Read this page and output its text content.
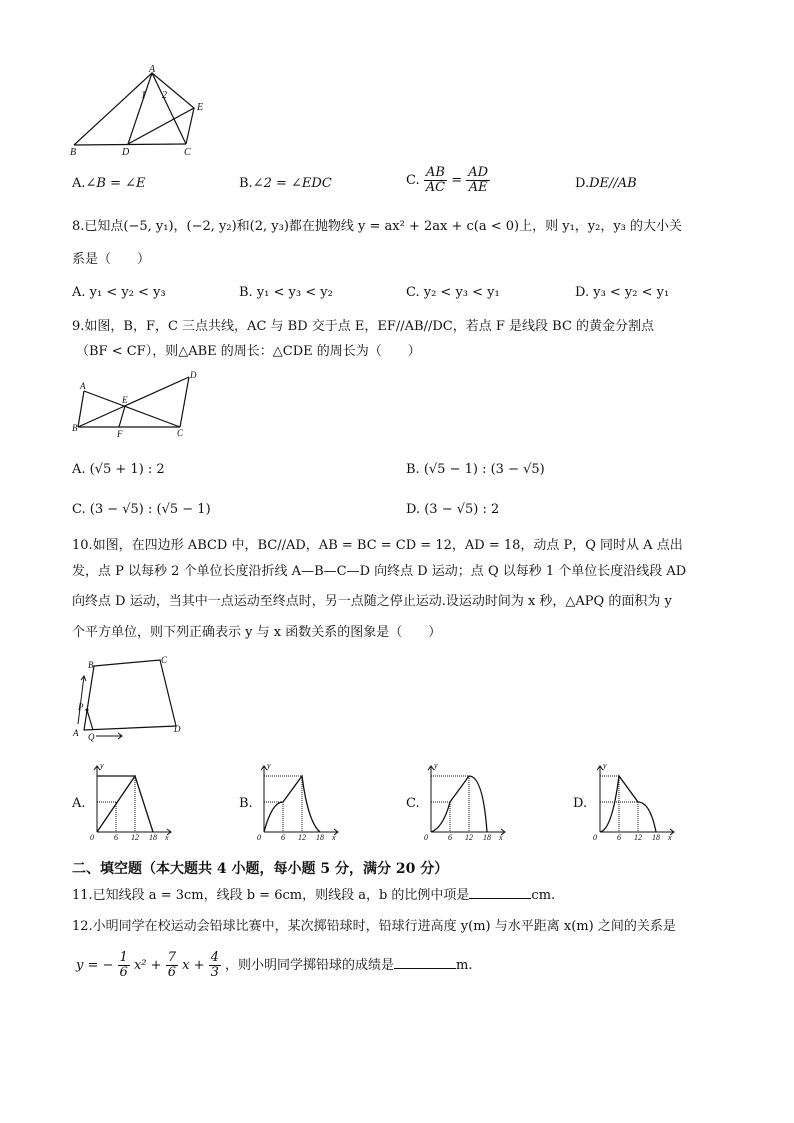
A
1 2
E
B	D	C
A.∠B = ∠E	B.∠2 = ∠EDC	C. $\frac{AB}{AC} = \frac{AD}{AE}$	D.DE//AB
8.已知点(−5, y₁)，(−2, y₂)和(2, y₃)都在抛物线 y = ax² + 2ax + c(a < 0)上，则 y₁，y₂，y₃ 的大小关
系是（　　）
A. y₁ < y₂ < y₃	B. y₁ < y₃ < y₂	C. y₂ < y₃ < y₁	D. y₃ < y₂ < y₁
9.如图，B，F，C 三点共线，AC 与 BD 交于点 E，EF//AB//DC，若点 F 是线段 BC 的黄金分割点
（BF < CF），则△ABE 的周长：△CDE 的周长为（　　）
A
D
E
B
F	C
A. (√5 + 1) : 2	B. (√5 − 1) : (3 − √5)
C. (3 − √5) : (√5 − 1)	D. (3 − √5) : 2
10.如图，在四边形 ABCD 中，BC//AD，AB = BC = CD = 12，AD = 18，动点 P，Q 同时从 A 点出
发，点 P 以每秒 2 个单位长度沿折线 A—B—C—D 向终点 D 运动；点 Q 以每秒 1 个单位长度沿线段 AD
向终点 D 运动，当其中一点运动至终点时，另一点随之停止运动.设运动时间为 x 秒，△APQ 的面积为 y
个平方单位，则下列正确表示 y 与 x 函数关系的图象是（　　）
B	C
P
A Q
D
A.	B.	C.	D.
y
x
0	6 12 18
y
x
0	6 12 18
y
x
0	6 12 18
y
x
0	6 12 18
二、填空题（本大题共 4 小题，每小题 5 分，满分 20 分）
11.已知线段 a = 3cm，线段 b = 6cm，则线段 a，b 的比例中项是	cm.
12.小明同学在校运动会铅球比赛中，某次掷铅球时，铅球行进高度 y(m) 与水平距离 x(m) 之间的关系是
y = − $\frac{1}{6} x^2 + \frac{7}{6}$ $x + \frac{4}{3}$ ，则小明同学掷铅球的成绩是	m.
